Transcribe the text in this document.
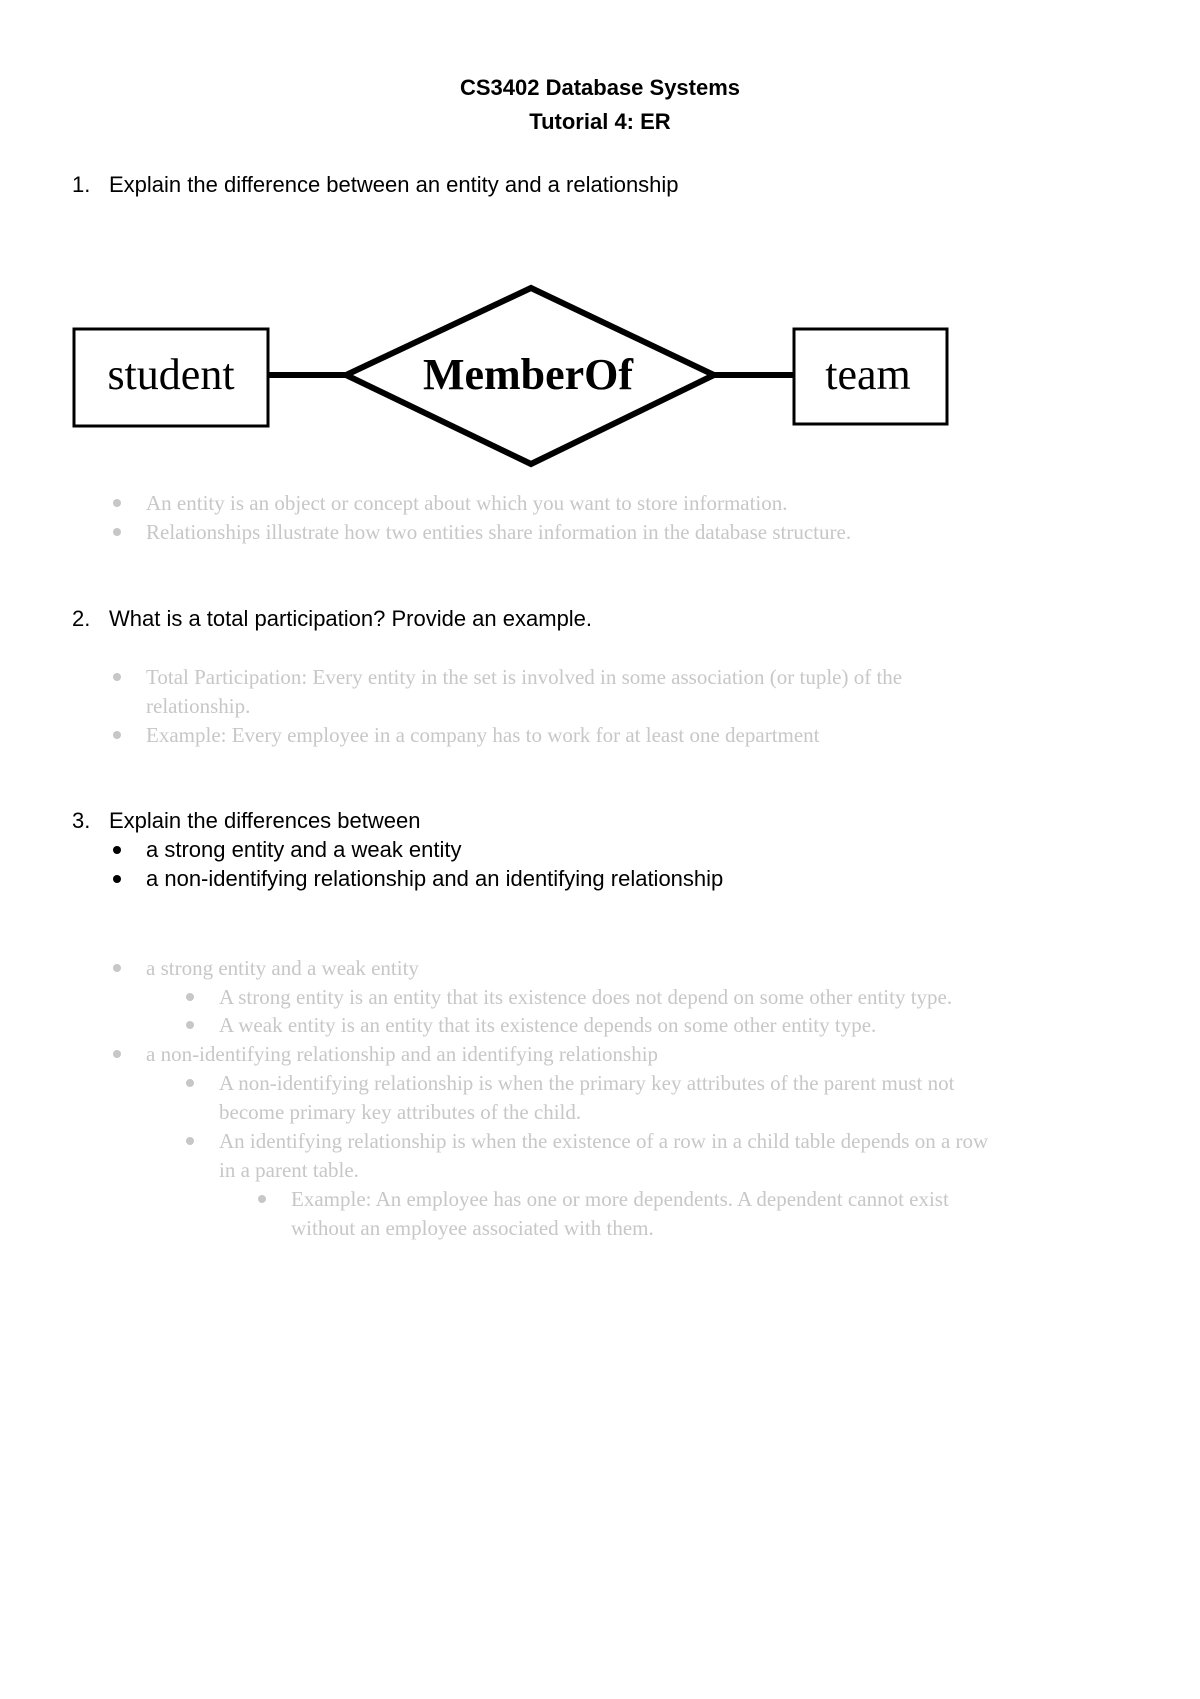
CS3402 Database Systems
Tutorial 4: ER
1. Explain the difference between an entity and a relationship
student	MemberOf	team
An entity is an object or concept about which you want to store information.
Relationships illustrate how two entities share information in the database structure.
2. What is a total participation? Provide an example.
Total Participation: Every entity in the set is involved in some association (or tuple) of the
relationship.
Example: Every employee in a company has to work for at least one department
3. Explain the differences between
a strong entity and a weak entity
a non-identifying relationship and an identifying relationship
a strong entity and a weak entity
A strong entity is an entity that its existence does not depend on some other entity type.
A weak entity is an entity that its existence depends on some other entity type.
a non-identifying relationship and an identifying relationship
A non-identifying relationship is when the primary key attributes of the parent must not
become primary key attributes of the child.
An identifying relationship is when the existence of a row in a child table depends on a row
in a parent table.
Example: An employee has one or more dependents. A dependent cannot exist
without an employee associated with them.
